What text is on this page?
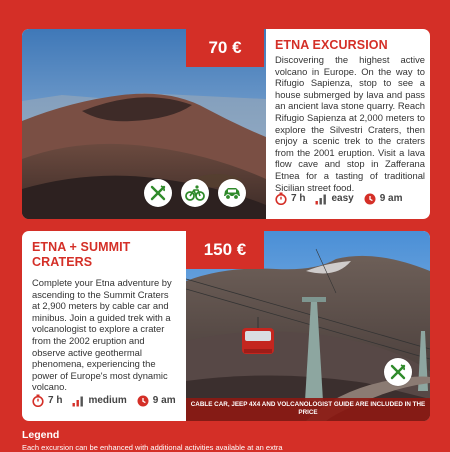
70 €	ETNA EXCURSION
Discovering the highest active volcano in Europe. On the way to Rifugio Sapienza, stop to see a house submerged by lava and pass an ancient lava stone quarry. Reach Rifugio Sapienza at 2,000 meters to explore the Silvestri Craters, then enjoy a scenic trek to the craters from the 2001 eruption. Visit a lava flow cave and stop in Zafferana Etnea for a tasting of traditional Sicilian street food.
7 h	easy	9 am
150 €
ETNA + SUMMIT CRATERS
Complete your Etna adventure by ascending to the Summit Craters at 2,900 meters by cable car and minibus. Join a guided trek with a volcanologist to explore a crater from the 2002 eruption and observe active geothermal phenomena, experiencing the power of Europe's most dynamic volcano.
CABLE CAR, JEEP 4X4 AND VOLCANOLOGIST GUIDE ARE INCLUDED IN THE PRICE
7 h	medium	9 am
Legend
Each excursion can be enhanced with additional activities available at an extra
